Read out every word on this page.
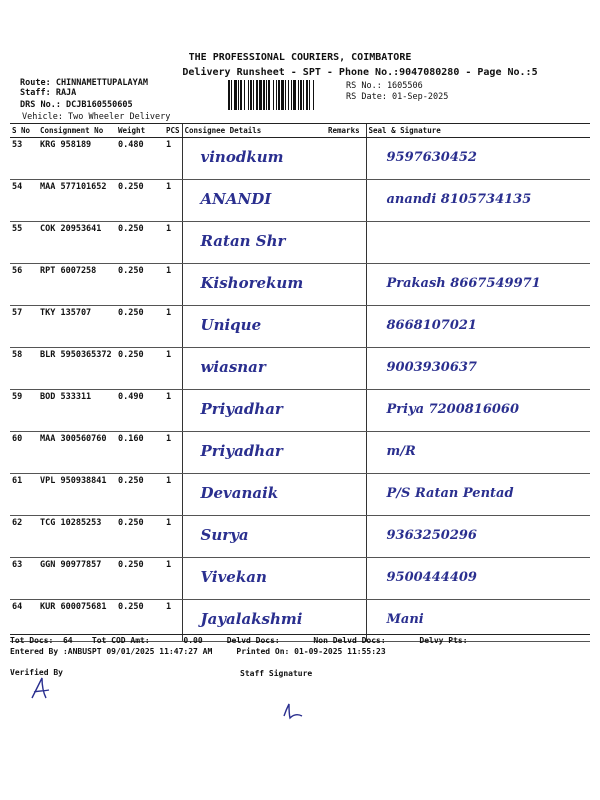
THE PROFESSIONAL COURIERS, COIMBATORE
Delivery Runsheet - SPT - Phone No.:9047080280 - Page No.:5
Route: CHINNAMETTUPALAYAM
Staff: RAJA
DRS No.: DCJB160550605
Vehicle: Two Wheeler Delivery
RS No.: 1605506
RS Date: 01-Sep-2025
S No	Consignment No	Weight	PCS	Consignee Details	Remarks	Seal & Signature
53	KRG 958189	0.480	1	vinodkum		9597630452

54	MAA 577101652	0.250	1	ANANDI		anandi 8105734135

55	COK 20953641	0.250	1	Ratan Shr		

56	RPT 6007258	0.250	1	Kishorekum		Prakash 8667549971

57	TKY 135707	0.250	1	Unique		8668107021

58	BLR 5950365372	0.250	1	wiasnar		9003930637

59	BOD 533311	0.490	1	Priyadhar		Priya 7200816060

60	MAA 300560760	0.160	1	Priyadhar		m/R

61	VPL 950938841	0.250	1	Devanaik		P/S Ratan Pentad

62	TCG 10285253	0.250	1	Surya		9363250296

63	GGN 90977857	0.250	1	Vivekan		9500444409

64	KUR 600075681	0.250	1	Jayalakshmi		Mani
Tot Docs:  64    Tot COD Amt:       0.00     Delvd Docs:       Non Delvd Docs:       Delvy Pts:
Entered By :ANBUSPT 09/01/2025 11:47:27 AM     Printed On: 01-09-2025 11:55:23
Verified By	Staff Signature
